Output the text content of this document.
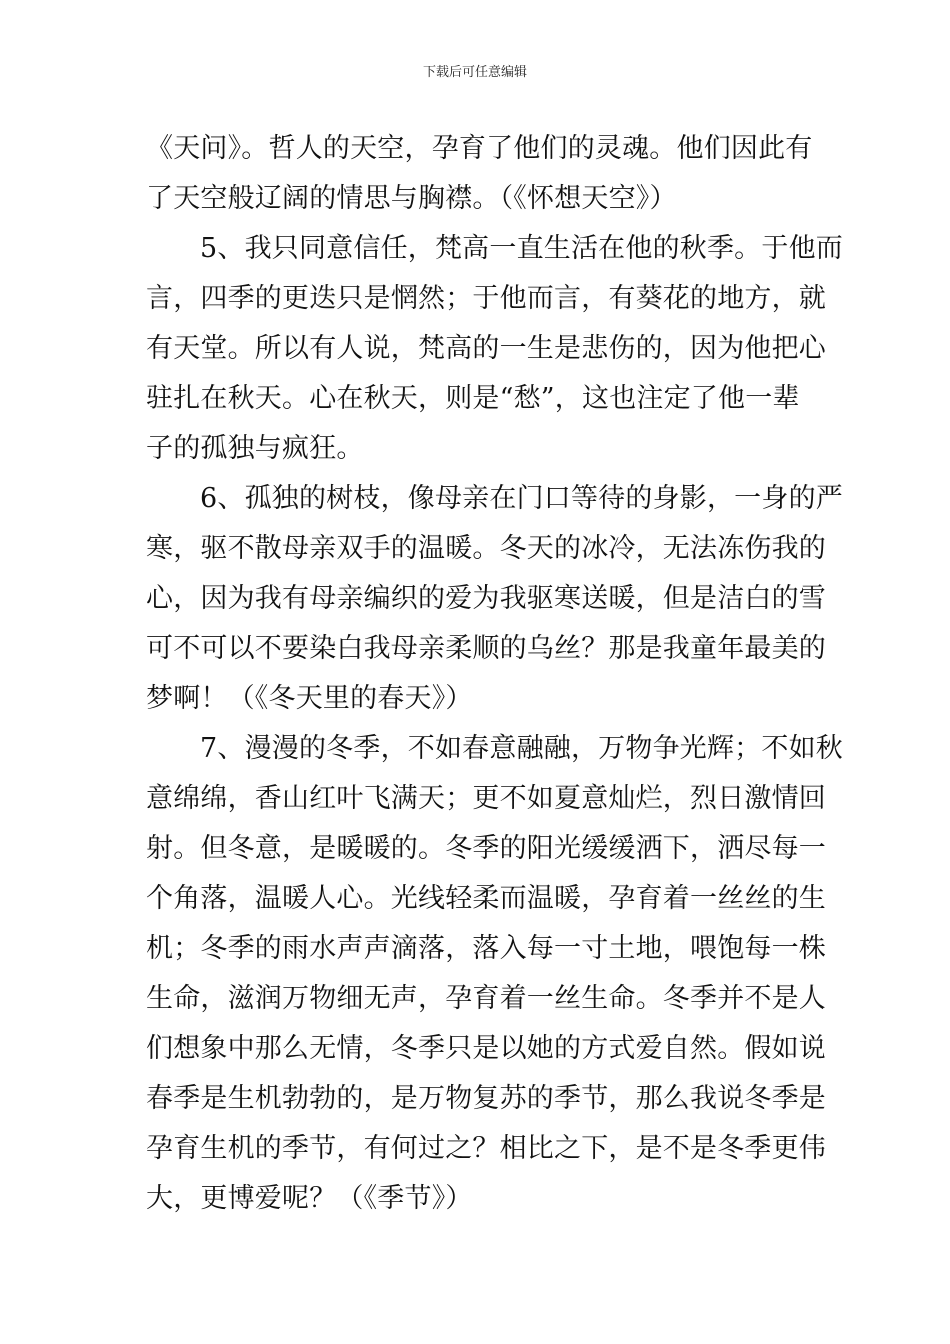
下载后可任意编辑
《天问》。哲人的天空，孕育了他们的灵魂。他们因此有
了天空般辽阔的情思与胸襟。（《怀想天空》）
5、我只同意信任，梵高一直生活在他的秋季。于他而
言，四季的更迭只是惘然；于他而言，有葵花的地方，就
有天堂。所以有人说，梵高的一生是悲伤的，因为他把心
驻扎在秋天。心在秋天，则是“愁”，这也注定了他一辈
子的孤独与疯狂。
6、孤独的树枝，像母亲在门口等待的身影，一身的严
寒，驱不散母亲双手的温暖。冬天的冰冷，无法冻伤我的
心，因为我有母亲编织的爱为我驱寒送暖，但是洁白的雪
可不可以不要染白我母亲柔顺的乌丝？那是我童年最美的
梦啊！（《冬天里的春天》）
7、漫漫的冬季，不如春意融融，万物争光辉；不如秋
意绵绵，香山红叶飞满天；更不如夏意灿烂，烈日激情回
射。但冬意，是暖暖的。冬季的阳光缓缓洒下，洒尽每一
个角落，温暖人心。光线轻柔而温暖，孕育着一丝丝的生
机；冬季的雨水声声滴落，落入每一寸土地，喂饱每一株
生命，滋润万物细无声，孕育着一丝生命。冬季并不是人
们想象中那么无情，冬季只是以她的方式爱自然。假如说
春季是生机勃勃的，是万物复苏的季节，那么我说冬季是
孕育生机的季节，有何过之？相比之下，是不是冬季更伟
大，更博爱呢？（《季节》）
